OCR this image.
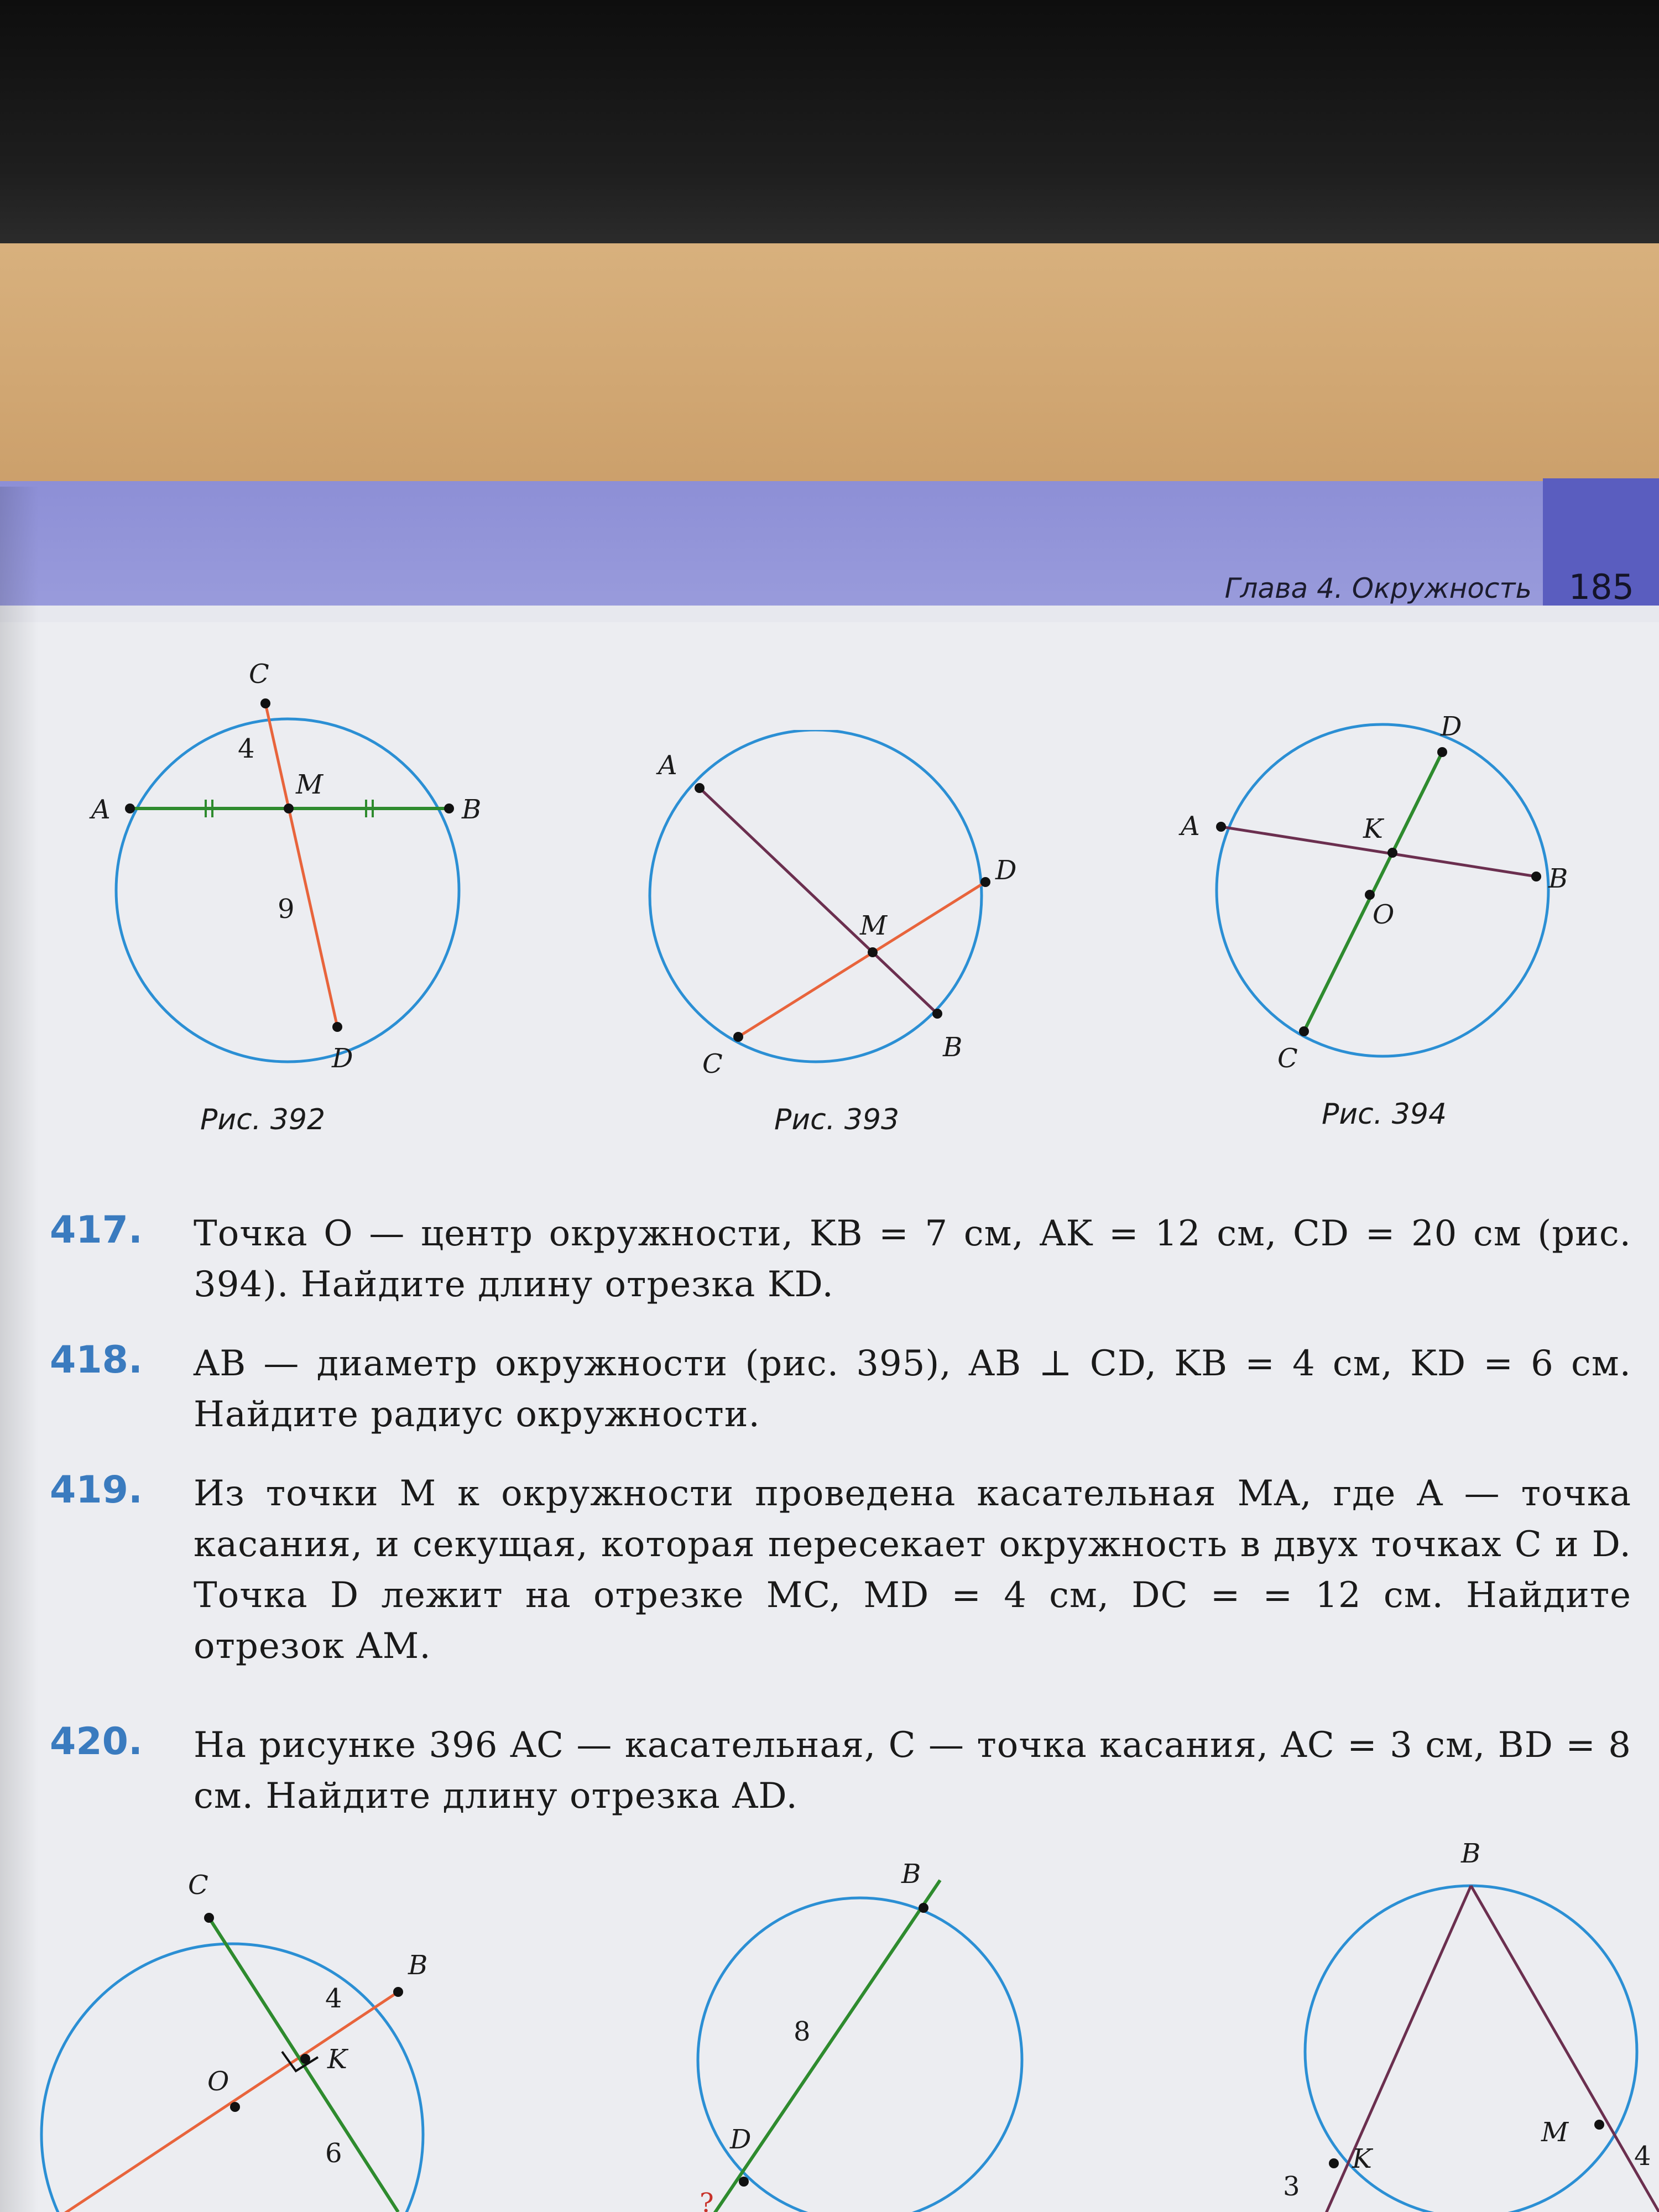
Глава 4. Окружность 185
A	B
C
D
M
4
9
Рис. 392
A
B
C
D
M
Рис. 393
A
B
C
D
K
O
Рис. 394
417. Точка O — центр окружности, KB = 7 см, AK = 12 см, CD = 20 см (рис. 394). Найдите длину отрезка KD.
418. AB — диаметр окружности (рис. 395), AB ⊥ CD, KB = 4 см, KD = 6 см. Найдите радиус окружности.
419. Из точки M к окружности проведена касательная MA, где A — точка касания, и секущая, которая пересекает окружность в двух точках C и D. Точка D лежит на отрезке MC, MD = 4 см, DC = = 12 см. Найдите отрезок AM.
420. На рисунке 396 AC — касательная, C — точка касания, AC = 3 см, BD = 8 см. Найдите длину отрезка AD.
C
B
O
K
4
6
B
D
8
?
B
K
M
3
4
